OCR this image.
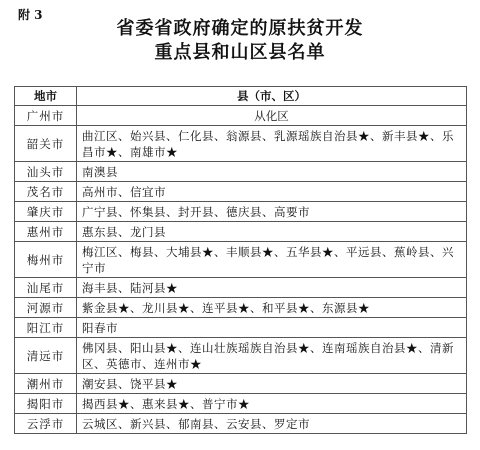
附 3
省委省政府确定的原扶贫开发
重点县和山区县名单
地市	县（市、区）
广州市	从化区
韶关市	曲江区、始兴县、仁化县、翁源县、乳源瑶族自治县★、新丰县★、乐昌市★、南雄市★
汕头市	南澳县
茂名市	高州市、信宜市
肇庆市	广宁县、怀集县、封开县、德庆县、高要市
惠州市	惠东县、龙门县
梅州市	梅江区、梅县、大埔县★、丰顺县★、五华县★、平远县、蕉岭县、兴宁市
汕尾市	海丰县、陆河县★
河源市	紫金县★、龙川县★、连平县★、和平县★、东源县★
阳江市	阳春市
清远市	佛冈县、阳山县★、连山壮族瑶族自治县★、连南瑶族自治县★、清新区、英德市、连州市★
潮州市	潮安县、饶平县★
揭阳市	揭西县★、惠来县★、普宁市★
云浮市	云城区、新兴县、郁南县、云安县、罗定市
